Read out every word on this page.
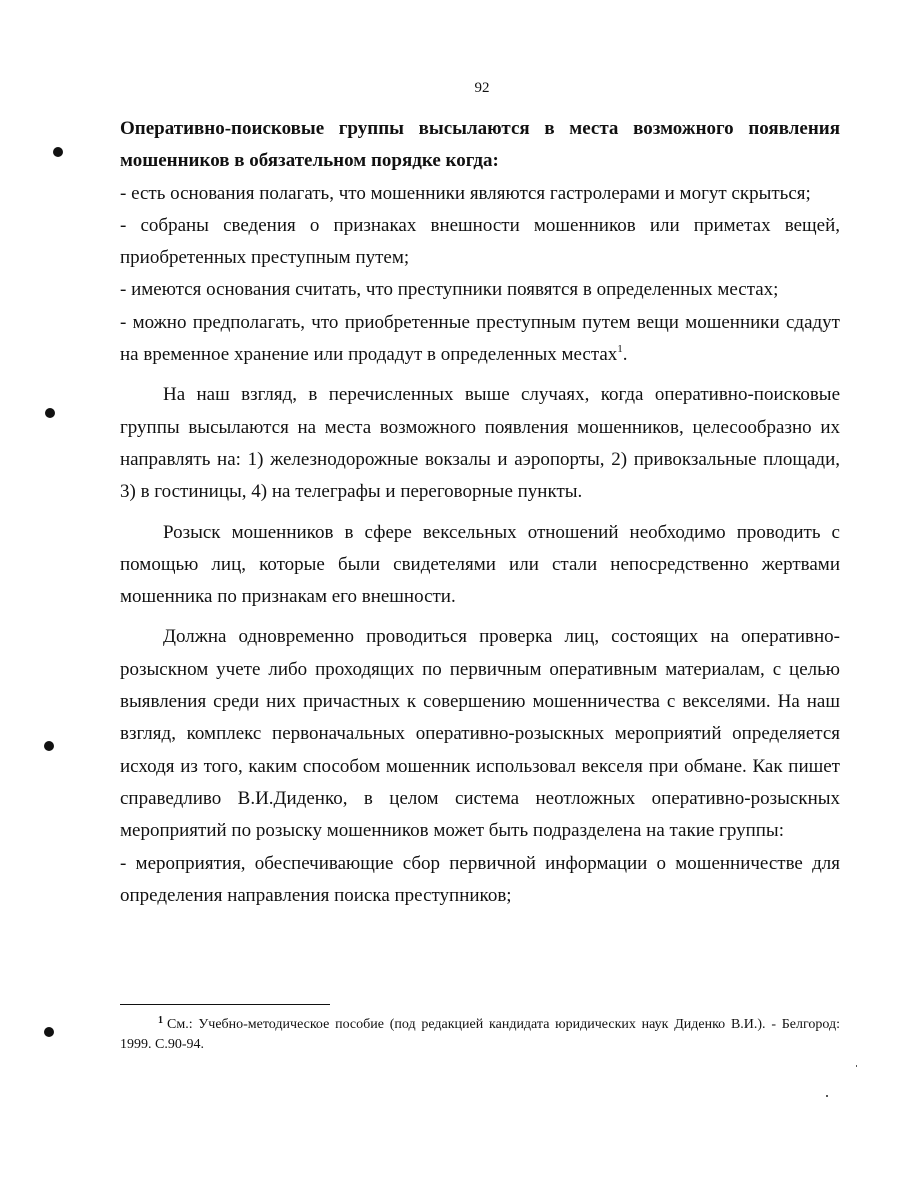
92

Оперативно-поисковые группы высылаются в места возможного появления мошенников в обязательном порядке когда:

- есть основания полагать, что мошенники являются гастролерами и могут скрыться;

- собраны сведения о признаках внешности мошенников или приметах вещей, приобретенных преступным путем;

- имеются основания считать, что преступники появятся в определенных местах;

- можно предполагать, что приобретенные преступным путем вещи мошенники сдадут на временное хранение или продадут в определенных местах$^1$.

На наш взгляд, в перечисленных выше случаях, когда оперативно-поисковые группы высылаются на места возможного появления мошенников, целесообразно их направлять на: 1) железнодорожные вокзалы и аэропорты, 2) привокзальные площади, 3) в гостиницы, 4) на телеграфы и переговорные пункты.

Розыск мошенников в сфере вексельных отношений необходимо проводить с помощью лиц, которые были свидетелями или стали непосредственно жертвами мошенника по признакам его внешности.

Должна одновременно проводиться проверка лиц, состоящих на оперативно-розыскном учете либо проходящих по первичным оперативным материалам, с целью выявления среди них причастных к совершению мошенничества с векселями. На наш взгляд, комплекс первоначальных оперативно-розыскных мероприятий определяется исходя из того, каким способом мошенник использовал векселя при обмане. Как пишет справедливо В.И.Диденко, в целом система неотложных оперативно-розыскных мероприятий по розыску мошенников может быть подразделена на такие группы:

- мероприятия, обеспечивающие сбор первичной информации о мошенничестве для определения направления поиска преступников;

$^1$ См.: Учебно-методическое пособие (под редакцией кандидата юридических наук Диденко В.И.). - Белгород: 1999. С.90-94.
